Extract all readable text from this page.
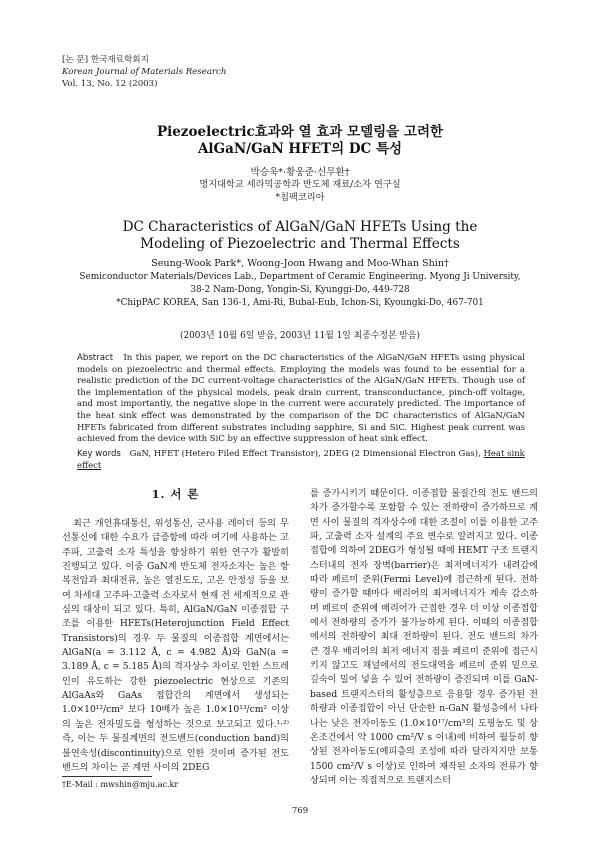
[논 문] 한국재료학회지
Korean Journal of Materials Research
Vol. 13, No. 12 (2003)
Piezoelectric효과와 열 효과 모델링을 고려한
AlGaN/GaN HFET의 DC 특성
박승욱*·황웅준·신무환†
명지대학교 세라믹공학과 반도체 재료/소자 연구실
*칩팩코리아
DC Characteristics of AlGaN/GaN HFETs Using the
Modeling of Piezoelectric and Thermal Effects
Seung-Wook Park*, Woong-Joon Hwang and Moo-Whan Shin†
Semiconductor Materials/Devices Lab., Department of Ceramic Engineering. Myong Ji University,
38-2 Nam-Dong, Yongin-Si, Kyunggi-Do, 449-728
*ChipPAC KOREA, San 136-1, Ami-Ri, Bubal-Eub, Ichon-Si, Kyoungki-Do, 467-701
(2003년 10월 6일 받음, 2003년 11월 1일 최종수정본 받음)
Abstract In this paper, we report on the DC characteristics of the AlGaN/GaN HFETs using physical models on piezoelectric and thermal effects. Employing the models was found to be essential for a realistic prediction of the DC current-voltage characteristics of the AlGaN/GaN HFETs. Though use of the implementation of the physical models, peak drain current, transconductance, pinch-off voltage, and most importantly, the negative slope in the current were accurately predicted. The importance of the heat sink effect was demonstrated by the comparison of the DC characteristics of AlGaN/GaN HFETs fabricated from different substrates including sapphire, Si and SiC. Highest peak current was achieved from the device with SiC by an effective suppression of heat sink effect.
Key words GaN, HFET (Hetero Filed Effect Transistor), 2DEG (2 Dimensional Electron Gas), Heat sink effect
1. 서 론
최근 개인휴대통신, 위성통신, 군사용 레이더 등의 무선통신에 대한 수요가 급증함에 따라 여기에 사용하는 고주파, 고출력 소자 특성을 향상하기 위한 연구가 활발히 진행되고 있다. 이중 GaN계 반도체 전자소자는 높은 항복전압과 최대전류, 높은 열전도도, 고온 안정성 등을 보여 차세대 고주파·고출력 소자로서 현재 전 세계적으로 관심의 대상이 되고 있다. 특히, AlGaN/GaN 이종접합 구조를 이용한 HFETs(Heterojunction Field Effect Transistors)의 경우 두 물질의 이종접합 계면에서는 AlGaN(a = 3.112 Å, c = 4.982 Å)와 GaN(a = 3.189 Å, c = 5.185 Å)의 격자상수 차이로 인한 스트레인이 유도하는 강한 piezoelectric 현상으로 기존의 AlGaAs와 GaAs 접합간의 계면에서 생성되는 1.0×10¹²/cm² 보다 10배가 높은 1.0×10¹³/cm² 이상의 높은 전자밀도를 형성하는 것으로 보고되고 있다.¹·²⁾ 즉, 이는 두 물질계면의 전도밴드(conduction band)의 불연속성(discontinuity)으로 인한 것이며 증가된 전도밴드의 차이는 곧 계면 사이의 2DEG
를 증가시키기 때문이다. 이종접합 물질간의 전도 밴드의 차가 증가할수록 포함할 수 있는 전하량이 증가하므로 계면 사이 물질의 격자상수에 대한 조절이 이를 이용한 고주파, 고출력 소자 설계의 주요 변수로 알려지고 있다. 이종접합에 의하여 2DEG가 형성될 때에 HEMT 구조 트랜지스터내의 전자 장벽(barrier)은 최저에너지가 내려감에 따라 페르미 준위(Fermi Level)에 접근하게 된다. 전하량이 증가할 때마다 배리어의 최저에너지가 계속 감소하며 페르미 준위에 배리어가 근접한 경우 더 이상 이종접합에서 전하량의 증가가 불가능하게 된다. 이때의 이종접합에서의 전하량이 최대 전하량이 된다. 전도 밴드의 차가 큰 경우 배리어의 최저 에너지 점을 페르미 준위에 접근시키지 않고도 채널에서의 전도대역을 페르미 준위 밑으로 깊숙이 밀어 넣을 수 있어 전하량이 증진되며 이를 GaN-based 트랜지스터의 활성층으로 응용할 경우 증가된 전하량과 이종접합이 아닌 단순한 n-GaN 활성층에서 나타나는 낮은 전자이동도 (1.0×10¹⁷/cm³의 도핑농도 및 상온조건에서 약 1000 cm²/V s 이내)에 비하여 월등히 향상된 전자이동도(예피층의 조성에 따라 달라지지만 보통 1500 cm²/V s 이상)로 인하여 재작된 소자의 전류가 향상되며 이는 직접적으로 트랜지스터
†E-Mail : mwshin@mju.ac.kr
769
